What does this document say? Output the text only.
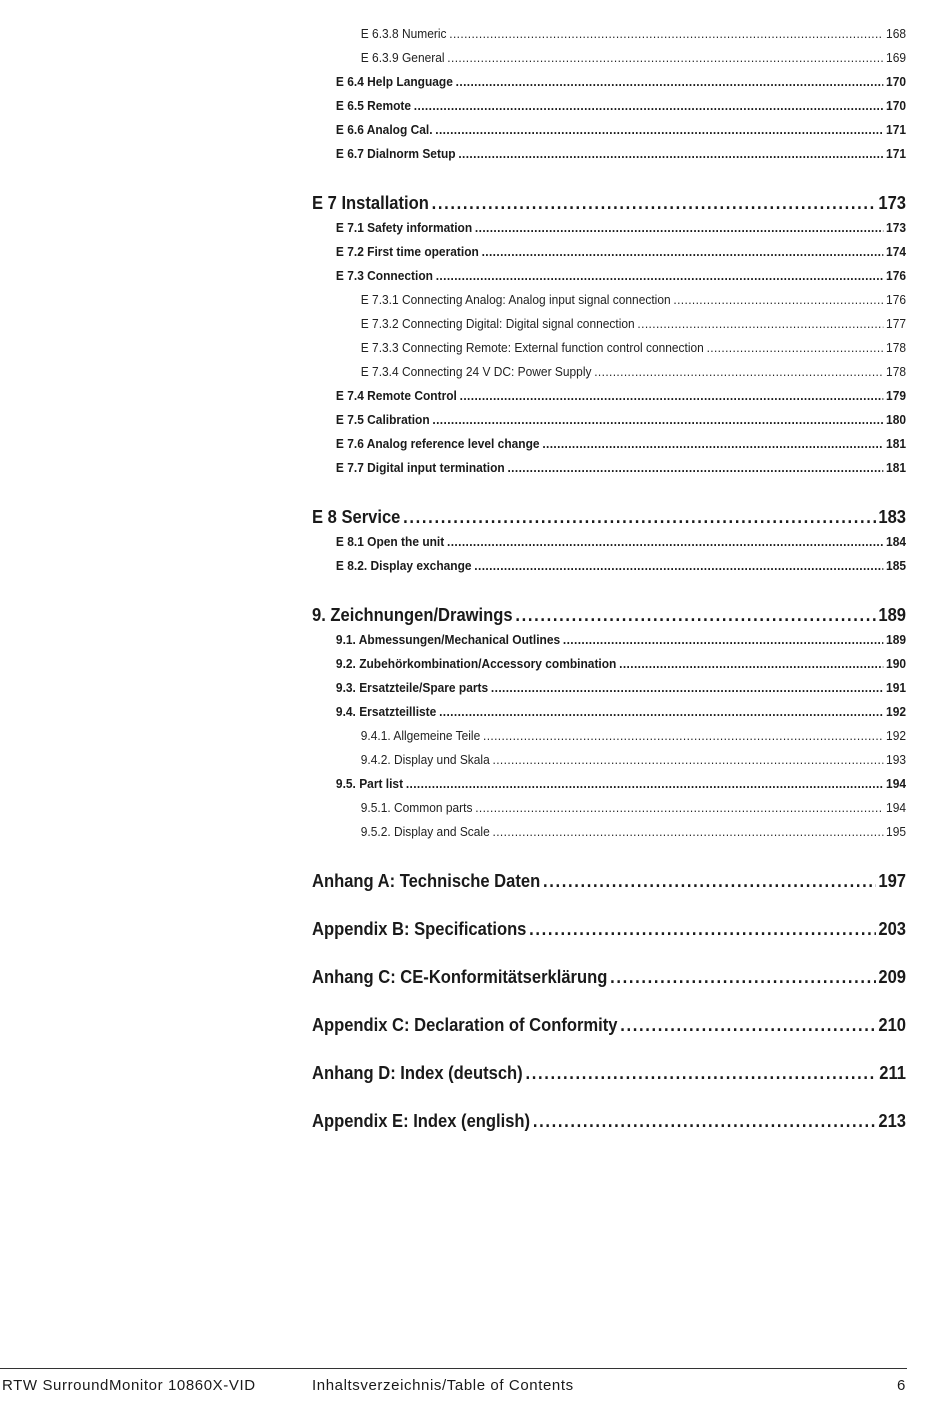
E 6.3.8 Numeric . . .	168
E 6.3.9 General . . .	169
E 6.4 Help Language . . .	170
E 6.5 Remote . . .	170
E 6.6 Analog Cal. . . .	171
E 6.7 Dialnorm Setup . . .	171
E 7 Installation . . .	173
E 7.1 Safety information . . .	173
E 7.2 First time operation . . .	174
E 7.3 Connection . . .	176
E 7.3.1 Connecting Analog: Analog input signal connection . . .	176
E 7.3.2 Connecting Digital: Digital signal connection . . .	177
E 7.3.3 Connecting Remote: External function control connection . . .	178
E 7.3.4 Connecting 24 V DC: Power Supply . . .	178
E 7.4 Remote Control . . .	179
E 7.5 Calibration . . .	180
E 7.6 Analog reference level change . . .	181
E 7.7 Digital input termination . . .	181
E 8 Service . . .	183
E 8.1 Open the unit . . .	184
E 8.2. Display exchange . . .	185
9. Zeichnungen/Drawings . . .	189
9.1. Abmessungen/Mechanical Outlines . . .	189
9.2. Zubehörkombination/Accessory combination . . .	190
9.3. Ersatzteile/Spare parts . . .	191
9.4. Ersatzteilliste . . .	192
9.4.1. Allgemeine Teile . . .	192
9.4.2. Display und Skala . . .	193
9.5. Part list . . .	194
9.5.1. Common parts . . .	194
9.5.2. Display and Scale . . .	195
Anhang A: Technische Daten . . .	197
Appendix B: Specifications . . .	203
Anhang C: CE-Konformitätserklärung . . .	209
Appendix C: Declaration of Conformity . . .	210
Anhang D: Index (deutsch) . . .	211
Appendix E: Index (english) . . .	213
RTW SurroundMonitor 10860X-VID	Inhaltsverzeichnis/Table of Contents	6
